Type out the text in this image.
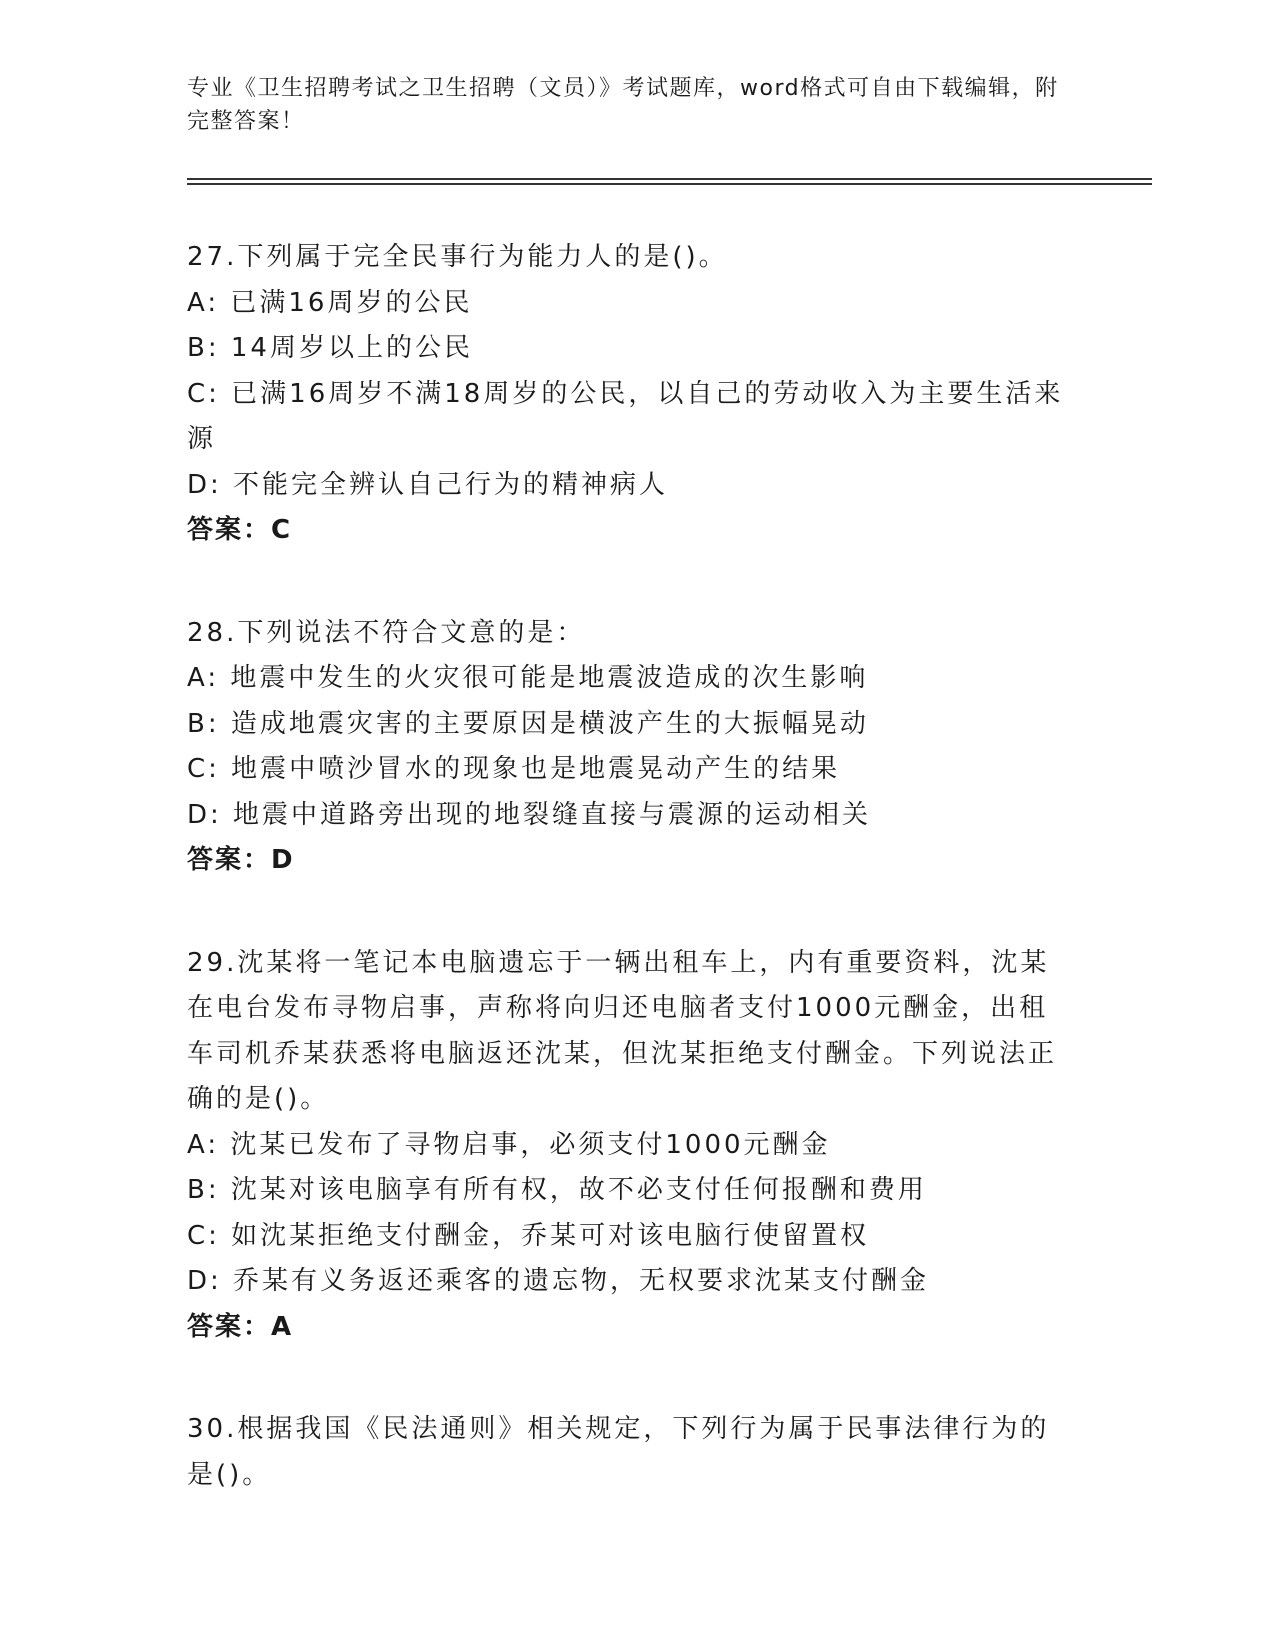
专业《卫生招聘考试之卫生招聘（文员）》考试题库，word格式可自由下载编辑，附完整答案！
27.下列属于完全民事行为能力人的是()。
A: 已满16周岁的公民
B: 14周岁以上的公民
C: 已满16周岁不满18周岁的公民，以自己的劳动收入为主要生活来源
D: 不能完全辨认自己行为的精神病人
答案：C
28.下列说法不符合文意的是：
A: 地震中发生的火灾很可能是地震波造成的次生影响
B: 造成地震灾害的主要原因是横波产生的大振幅晃动
C: 地震中喷沙冒水的现象也是地震晃动产生的结果
D: 地震中道路旁出现的地裂缝直接与震源的运动相关
答案：D
29.沈某将一笔记本电脑遗忘于一辆出租车上，内有重要资料，沈某在电台发布寻物启事，声称将向归还电脑者支付1000元酬金，出租车司机乔某获悉将电脑返还沈某，但沈某拒绝支付酬金。下列说法正确的是()。
A: 沈某已发布了寻物启事，必须支付1000元酬金
B: 沈某对该电脑享有所有权，故不必支付任何报酬和费用
C: 如沈某拒绝支付酬金，乔某可对该电脑行使留置权
D: 乔某有义务返还乘客的遗忘物，无权要求沈某支付酬金
答案：A
30.根据我国《民法通则》相关规定，下列行为属于民事法律行为的是()。
